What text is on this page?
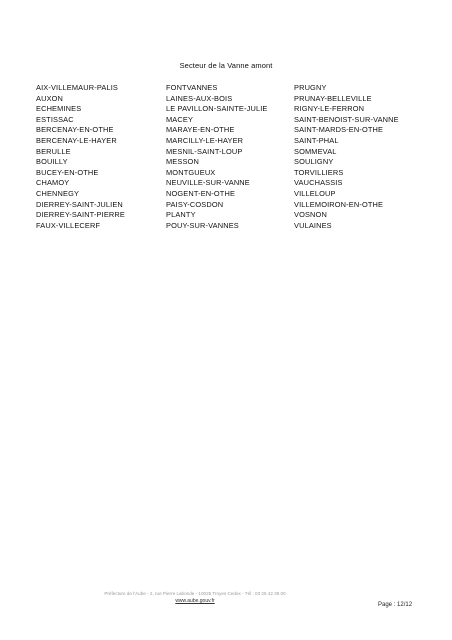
Secteur de la Vanne amont
AIX-VILLEMAUR-PALIS
AUXON
ECHEMINES
ESTISSAC
BERCENAY-EN-OTHE
BERCENAY-LE-HAYER
BERULLE
BOUILLY
BUCEY-EN-OTHE
CHAMOY
CHENNEGY
DIERREY-SAINT-JULIEN
DIERREY-SAINT-PIERRE
FAUX-VILLECERF
FONTVANNES
LAINES-AUX-BOIS
LE PAVILLON-SAINTE-JULIE
MACEY
MARAYE-EN-OTHE
MARCILLY-LE-HAYER
MESNIL-SAINT-LOUP
MESSON
MONTGUEUX
NEUVILLE-SUR-VANNE
NOGENT-EN-OTHE
PAISY-COSDON
PLANTY
POUY-SUR-VANNES
PRUGNY
PRUNAY-BELLEVILLE
RIGNY-LE-FERRON
SAINT-BENOIST-SUR-VANNE
SAINT-MARDS-EN-OTHE
SAINT-PHAL
SOMMEVAL
SOULIGNY
TORVILLIERS
VAUCHASSIS
VILLELOUP
VILLEMOIRON-EN-OTHE
VOSNON
VULAINES
Préfecture de l'Aube - 2, rue Pierre Labonde - 10025 Troyes Cedex - Tél : 03 25 42 35 00
www.aube.gouv.fr
Page : 12/12
